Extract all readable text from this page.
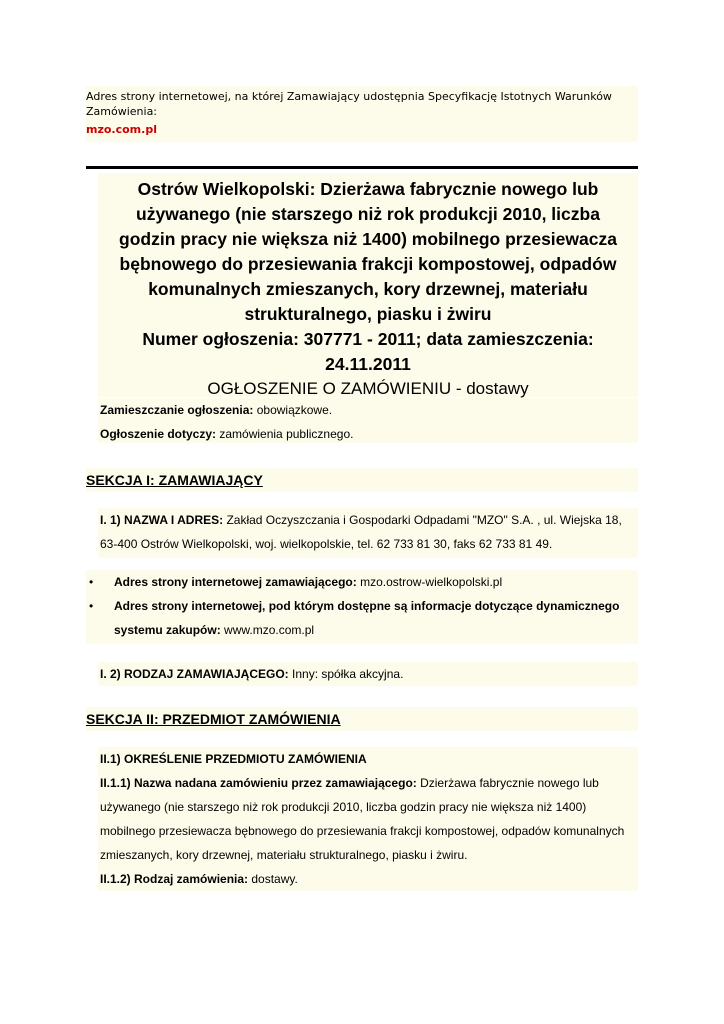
Adres strony internetowej, na której Zamawiający udostępnia Specyfikację Istotnych Warunków Zamówienia:
mzo.com.pl

Ostrów Wielkopolski: Dzierżawa fabrycznie nowego lub używanego (nie starszego niż rok produkcji 2010, liczba godzin pracy nie większa niż 1400) mobilnego przesiewacza bębnowego do przesiewania frakcji kompostowej, odpadów komunalnych zmieszanych, kory drzewnej, materiału strukturalnego, piasku i żwiru

Numer ogłoszenia: 307771 - 2011; data zamieszczenia: 24.11.2011

OGŁOSZENIE O ZAMÓWIENIU - dostawy

Zamieszczanie ogłoszenia: obowiązkowe.
Ogłoszenie dotyczy: zamówienia publicznego.
SEKCJA I: ZAMAWIAJĄCY
I. 1) NAZWA I ADRES: Zakład Oczyszczania i Gospodarki Odpadami "MZO" S.A. , ul. Wiejska 18, 63-400 Ostrów Wielkopolski, woj. wielkopolskie, tel. 62 733 81 30, faks 62 733 81 49.
•	Adres strony internetowej zamawiającego: mzo.ostrow-wielkopolski.pl
•	Adres strony internetowej, pod którym dostępne są informacje dotyczące dynamicznego systemu zakupów: www.mzo.com.pl
I. 2) RODZAJ ZAMAWIAJĄCEGO: Inny: spółka akcyjna.
SEKCJA II: PRZEDMIOT ZAMÓWIENIA
II.1) OKREŚLENIE PRZEDMIOTU ZAMÓWIENIA
II.1.1) Nazwa nadana zamówieniu przez zamawiającego: Dzierżawa fabrycznie nowego lub używanego (nie starszego niż rok produkcji 2010, liczba godzin pracy nie większa niż 1400) mobilnego przesiewacza bębnowego do przesiewania frakcji kompostowej, odpadów komunalnych zmieszanych, kory drzewnej, materiału strukturalnego, piasku i żwiru.
II.1.2) Rodzaj zamówienia: dostawy.
